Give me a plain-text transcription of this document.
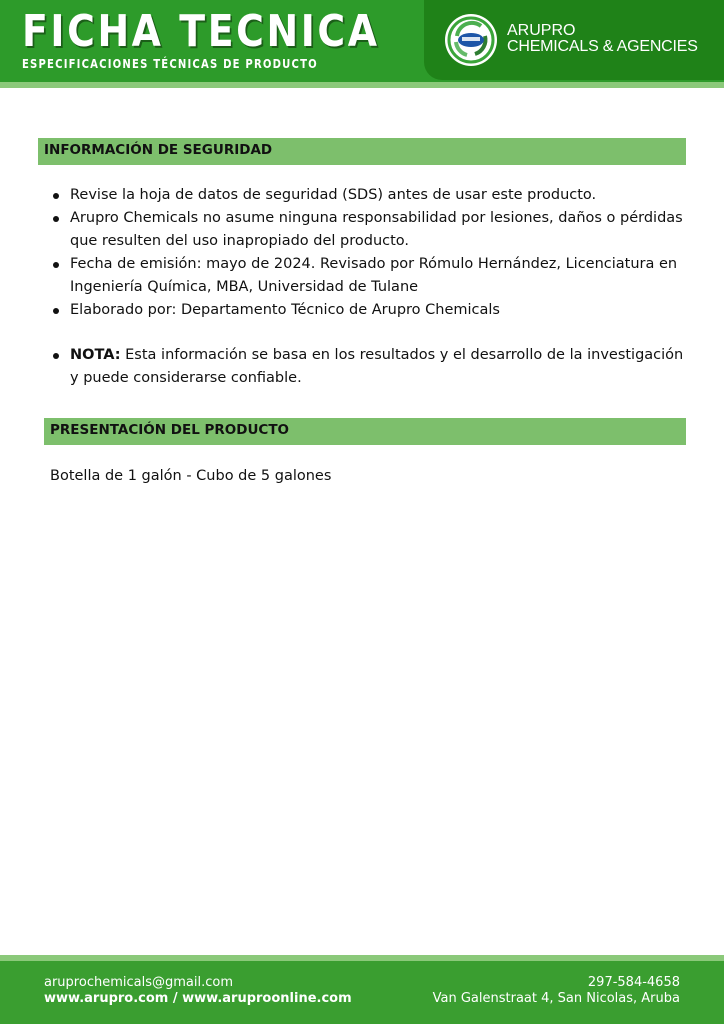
FICHA TECNICA
ESPECIFICACIONES TÉCNICAS DE PRODUCTO
ARUPRO
CHEMICALS & AGENCIES
INFORMACIÓN DE SEGURIDAD
Revise la hoja de datos de seguridad (SDS) antes de usar este producto.
Arupro Chemicals no asume ninguna responsabilidad por lesiones, daños o pérdidas que resulten del uso inapropiado del producto.
Fecha de emisión: mayo de 2024. Revisado por Rómulo Hernández, Licenciatura en Ingeniería Química, MBA, Universidad de Tulane
Elaborado por: Departamento Técnico de Arupro Chemicals
NOTA: Esta información se basa en los resultados y el desarrollo de la investigación y puede considerarse confiable.
PRESENTACIÓN DEL PRODUCTO
Botella de 1 galón - Cubo de 5 galones
aruprochemicals@gmail.com
www.arupro.com / www.aruproonline.com
297-584-4658
Van Galenstraat 4, San Nicolas, Aruba
